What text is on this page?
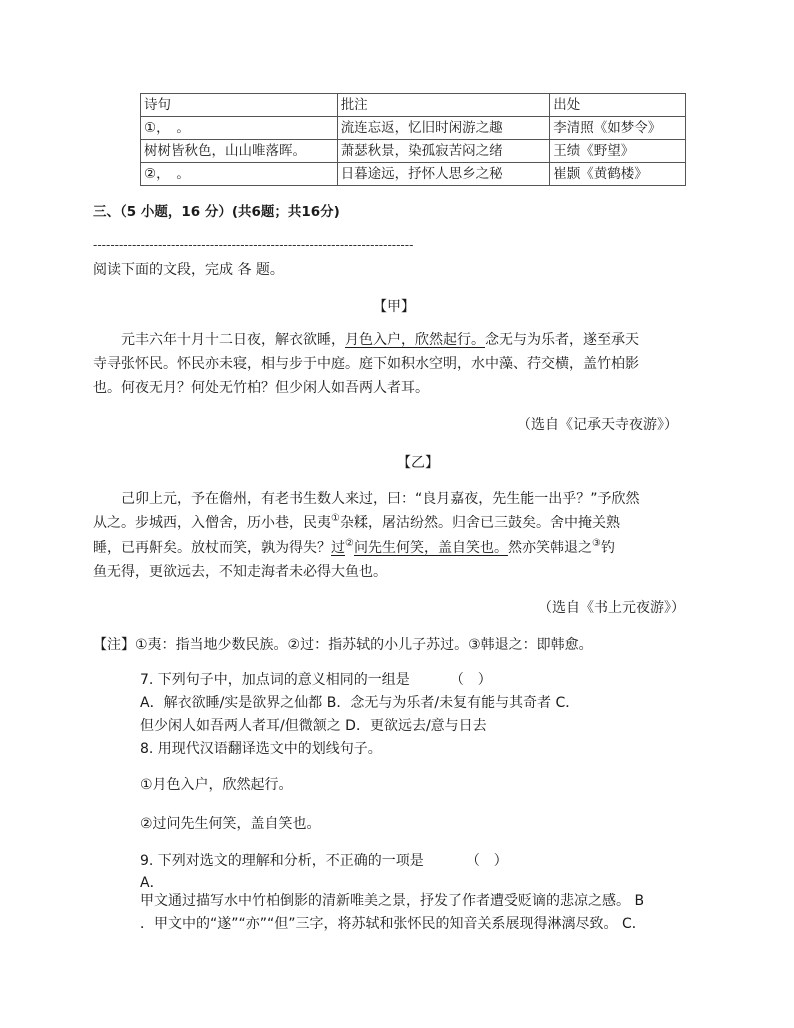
诗句	批注	出处
①，　。	流连忘返，忆旧时闲游之趣	李清照《如梦令》
树树皆秋色，山山唯落晖。	萧瑟秋景，染孤寂苦闷之绪	王绩《野望》
②，　。	日暮途远，抒怀人思乡之秘	崔颢《黄鹤楼》
三、（5 小题，16 分）(共6题；共16分)
--------------------------------------------------------------------------
阅读下面的文段，完成 各 题。
【甲】
元丰六年十月十二日夜，解衣欲睡，月色入户，欣然起行。念无与为乐者，遂至承天
寺寻张怀民。怀民亦未寝，相与步于中庭。庭下如积水空明，水中藻、荇交横，盖竹柏影
也。何夜无月？何处无竹柏？但少闲人如吾两人者耳。
（选自《记承天寺夜游》）
【乙】
己卯上元，予在儋州，有老书生数人来过，曰：“良月嘉夜，先生能一出乎？”予欣然
从之。步城西，入僧舍，历小巷，民夷①杂糅，屠沽纷然。归舍已三鼓矣。舍中掩关熟
睡，已再鼾矣。放杖而笑，孰为得失？过②问先生何笑，盖自笑也。然亦笑韩退之③钓
鱼无得，更欲远去，不知走海者未必得大鱼也。
（选自《书上元夜游》）
【注】①夷：指当地少数民族。②过：指苏轼的小儿子苏过。③韩退之：即韩愈。
7. 下列句子中，加点词的意义相同的一组是	（　）
A．解衣欲睡/实是欲界之仙都 B．念无与为乐者/未复有能与其奇者 C．
但少闲人如吾两人者耳/但微颔之 D．更欲远去/意与日去
8. 用现代汉语翻译选文中的划线句子。
①月色入户，欣然起行。
②过问先生何笑，盖自笑也。
9. 下列对选文的理解和分析，不正确的一项是	（　）
A．
甲文通过描写水中竹柏倒影的清新唯美之景，抒发了作者遭受贬谪的悲凉之感。 B
．甲文中的“遂”“亦”“但”三字，将苏轼和张怀民的知音关系展现得淋漓尽致。 C．
